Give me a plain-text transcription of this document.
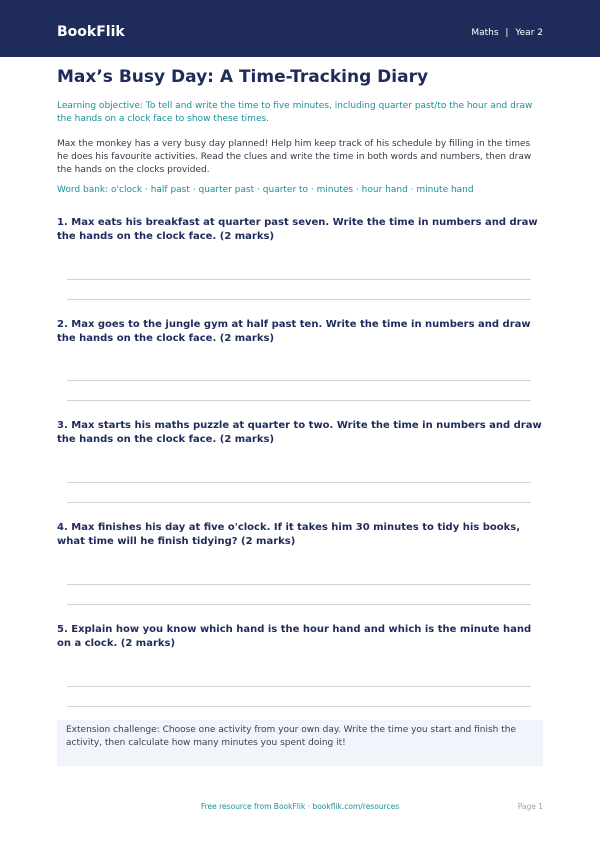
BookFlik	Maths | Year 2
Max’s Busy Day: A Time-Tracking Diary

Learning objective: To tell and write the time to five minutes, including quarter past/to the hour and draw the hands on a clock face to show these times.

Max the monkey has a very busy day planned! Help him keep track of his schedule by filling in the times he does his favourite activities. Read the clues and write the time in both words and numbers, then draw the hands on the clocks provided.

Word bank: o'clock · half past · quarter past · quarter to · minutes · hour hand · minute hand

1. Max eats his breakfast at quarter past seven. Write the time in numbers and draw the hands on the clock face. (2 marks)

2. Max goes to the jungle gym at half past ten. Write the time in numbers and draw the hands on the clock face. (2 marks)

3. Max starts his maths puzzle at quarter to two. Write the time in numbers and draw the hands on the clock face. (2 marks)

4. Max finishes his day at five o'clock. If it takes him 30 minutes to tidy his books, what time will he finish tidying? (2 marks)

5. Explain how you know which hand is the hour hand and which is the minute hand on a clock. (2 marks)

Extension challenge: Choose one activity from your own day. Write the time you start and finish the activity, then calculate how many minutes you spent doing it!
Free resource from BookFlik · bookflik.com/resources	Page 1
